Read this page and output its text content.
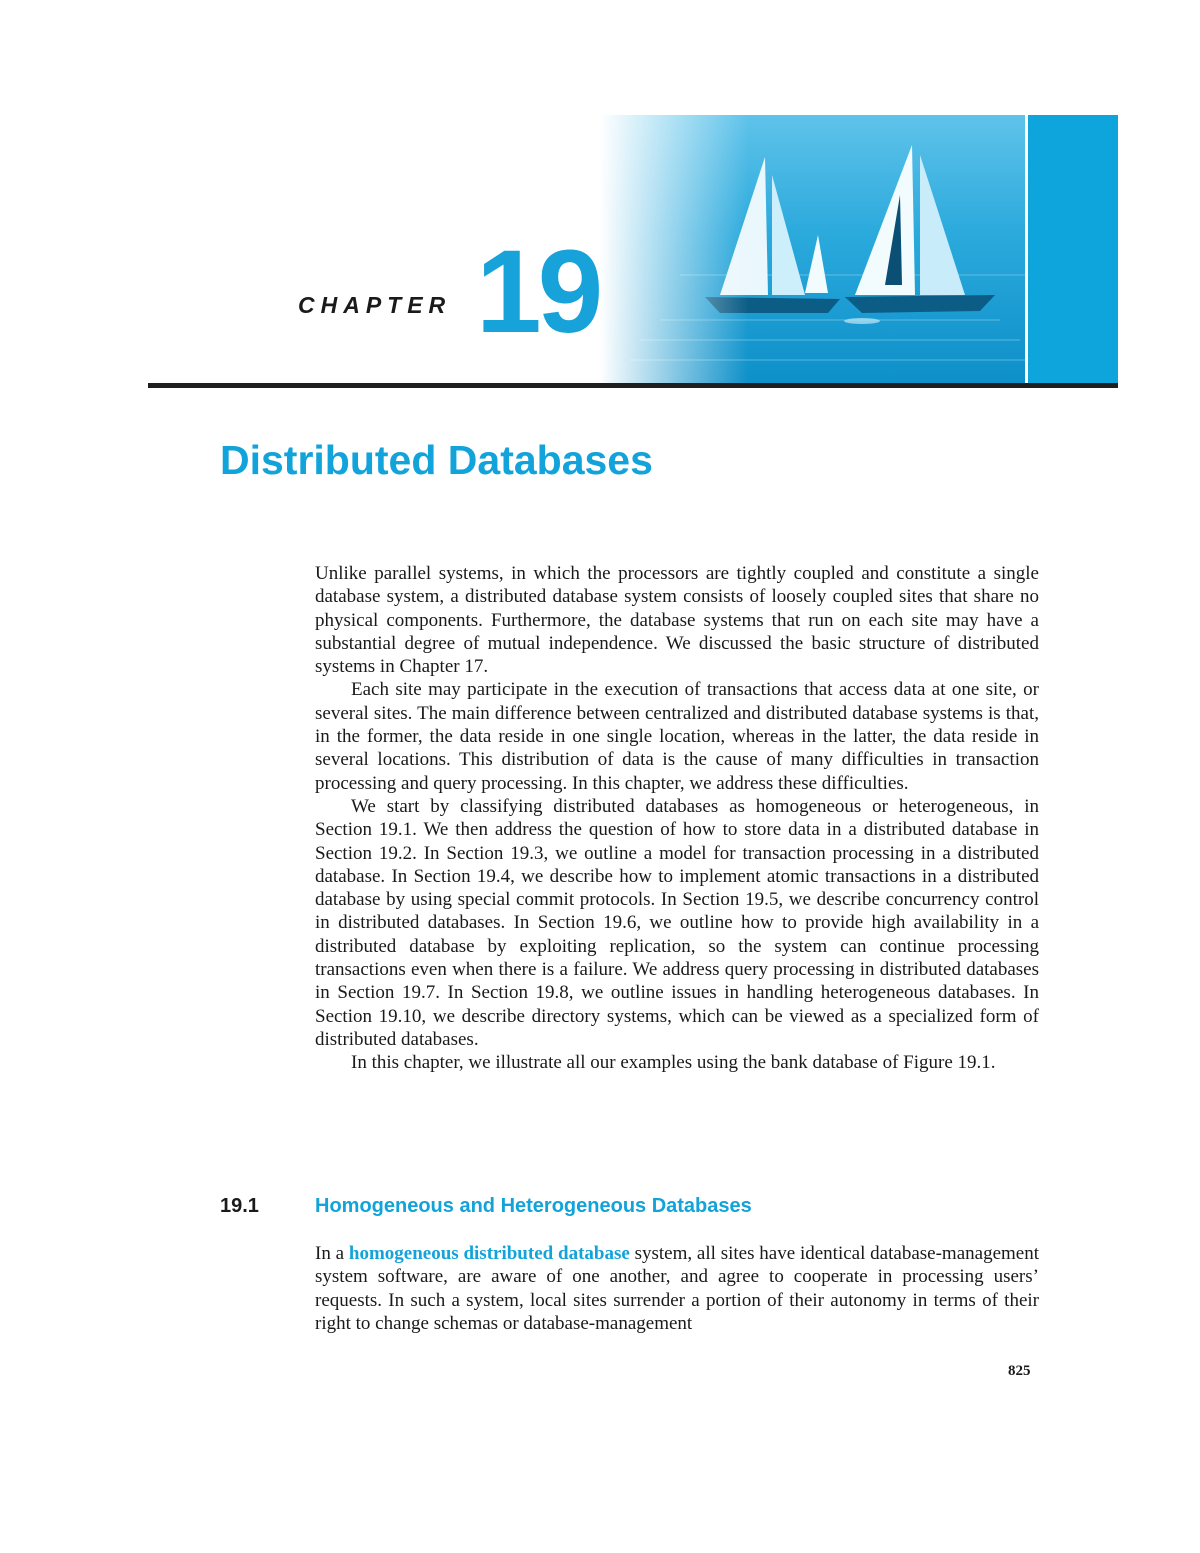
CHAPTER 19
Distributed Databases

Unlike parallel systems, in which the processors are tightly coupled and constitute a single database system, a distributed database system consists of loosely coupled sites that share no physical components. Furthermore, the database systems that run on each site may have a substantial degree of mutual independence. We discussed the basic structure of distributed systems in Chapter 17.

Each site may participate in the execution of transactions that access data at one site, or several sites. The main difference between centralized and distributed database systems is that, in the former, the data reside in one single location, whereas in the latter, the data reside in several locations. This distribution of data is the cause of many difficulties in transaction processing and query processing. In this chapter, we address these difficulties.

We start by classifying distributed databases as homogeneous or heterogeneous, in Section 19.1. We then address the question of how to store data in a distributed database in Section 19.2. In Section 19.3, we outline a model for transaction processing in a distributed database. In Section 19.4, we describe how to implement atomic transactions in a distributed database by using special commit protocols. In Section 19.5, we describe concurrency control in distributed databases. In Section 19.6, we outline how to provide high availability in a distributed database by exploiting replication, so the system can continue processing transactions even when there is a failure. We address query processing in distributed databases in Section 19.7. In Section 19.8, we outline issues in handling heterogeneous databases. In Section 19.10, we describe directory systems, which can be viewed as a specialized form of distributed databases.

In this chapter, we illustrate all our examples using the bank database of Figure 19.1.

19.1	Homogeneous and Heterogeneous Databases

In a homogeneous distributed database system, all sites have identical database-management system software, are aware of one another, and agree to cooperate in processing users’ requests. In such a system, local sites surrender a portion of their autonomy in terms of their right to change schemas or database-management

825
